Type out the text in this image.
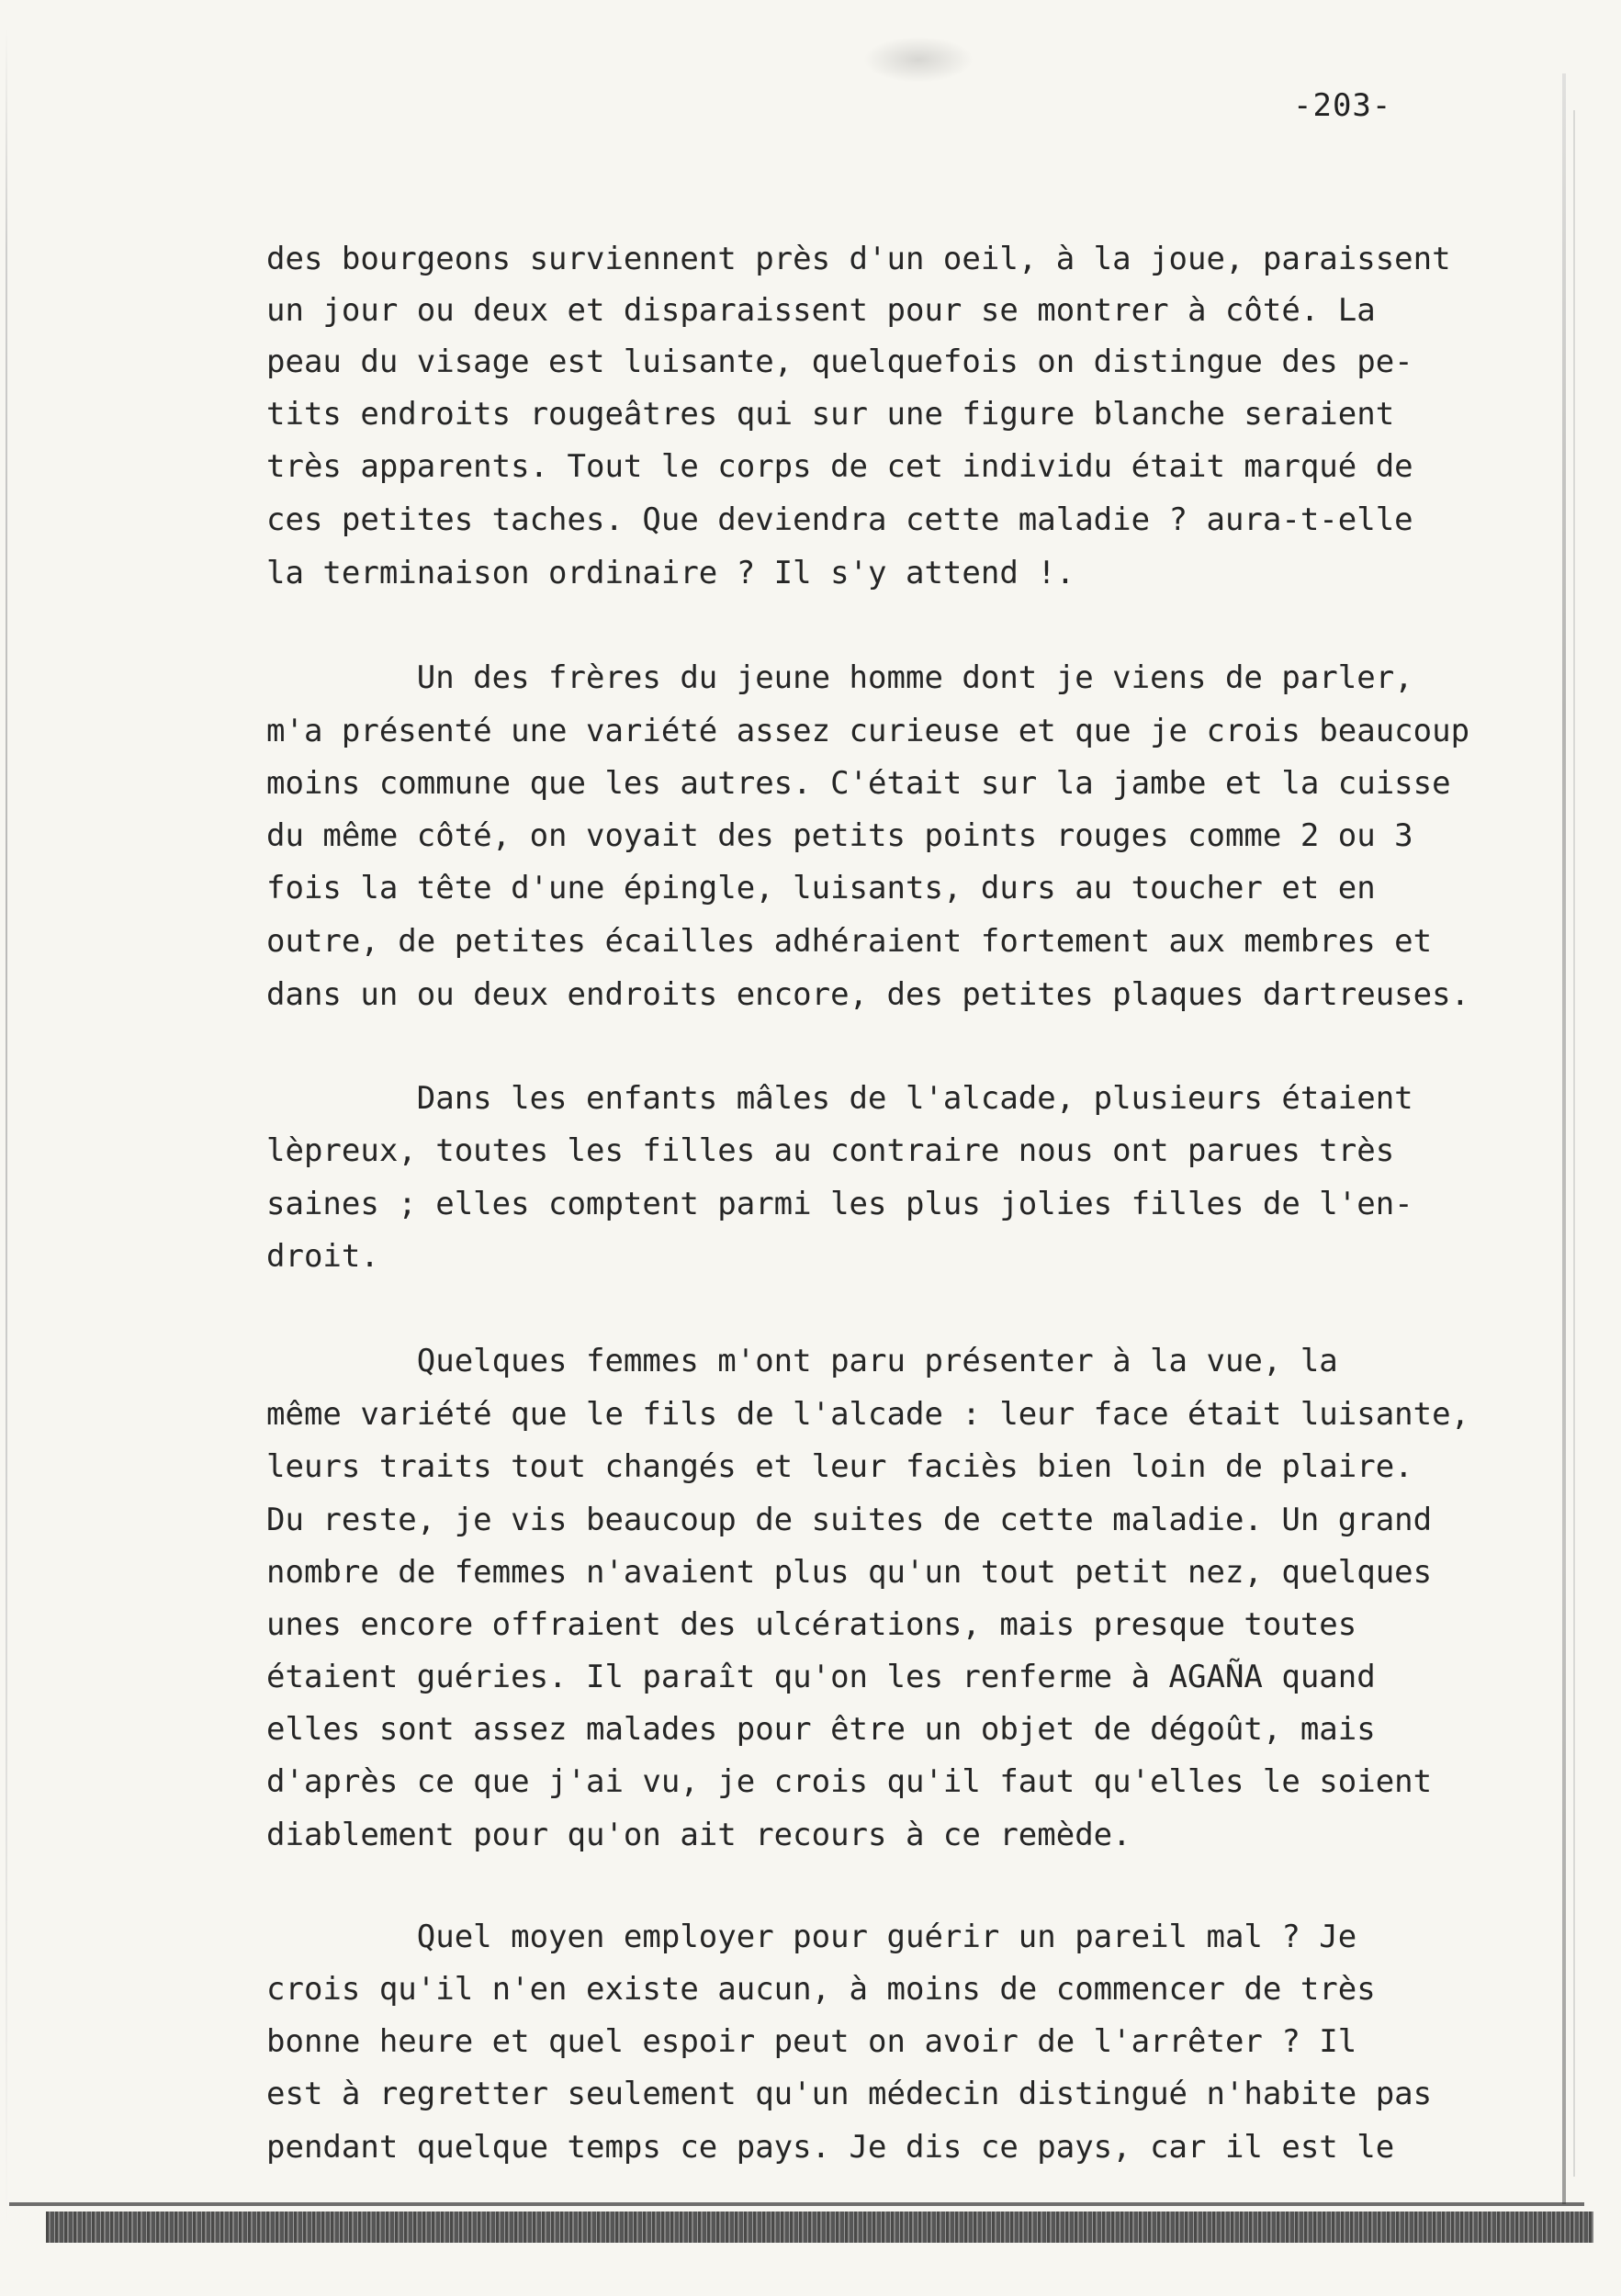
-203-
des bourgeons surviennent près d'un oeil, à la joue, paraissent
un jour ou deux et disparaissent pour se montrer à côté. La
peau du visage est luisante, quelquefois on distingue des pe-
tits endroits rougeâtres qui sur une figure blanche seraient
très apparents. Tout le corps de cet individu était marqué de
ces petites taches. Que deviendra cette maladie ? aura-t-elle
la terminaison ordinaire ? Il s'y attend !.
Un des frères du jeune homme dont je viens de parler,
m'a présenté une variété assez curieuse et que je crois beaucoup
moins commune que les autres. C'était sur la jambe et la cuisse
du même côté, on voyait des petits points rouges comme 2 ou 3
fois la tête d'une épingle, luisants, durs au toucher et en
outre, de petites écailles adhéraient fortement aux membres et
dans un ou deux endroits encore, des petites plaques dartreuses.
Dans les enfants mâles de l'alcade, plusieurs étaient
lèpreux, toutes les filles au contraire nous ont parues très
saines ; elles comptent parmi les plus jolies filles de l'en-
droit.
Quelques femmes m'ont paru présenter à la vue, la
même variété que le fils de l'alcade : leur face était luisante,
leurs traits tout changés et leur faciès bien loin de plaire.
Du reste, je vis beaucoup de suites de cette maladie. Un grand
nombre de femmes n'avaient plus qu'un tout petit nez, quelques
unes encore offraient des ulcérations, mais presque toutes
étaient guéries. Il paraît qu'on les renferme à AGAÑA quand
elles sont assez malades pour être un objet de dégoût, mais
d'après ce que j'ai vu, je crois qu'il faut qu'elles le soient
diablement pour qu'on ait recours à ce remède.
Quel moyen employer pour guérir un pareil mal ? Je
crois qu'il n'en existe aucun, à moins de commencer de très
bonne heure et quel espoir peut on avoir de l'arrêter ? Il
est à regretter seulement qu'un médecin distingué n'habite pas
pendant quelque temps ce pays. Je dis ce pays, car il est le
